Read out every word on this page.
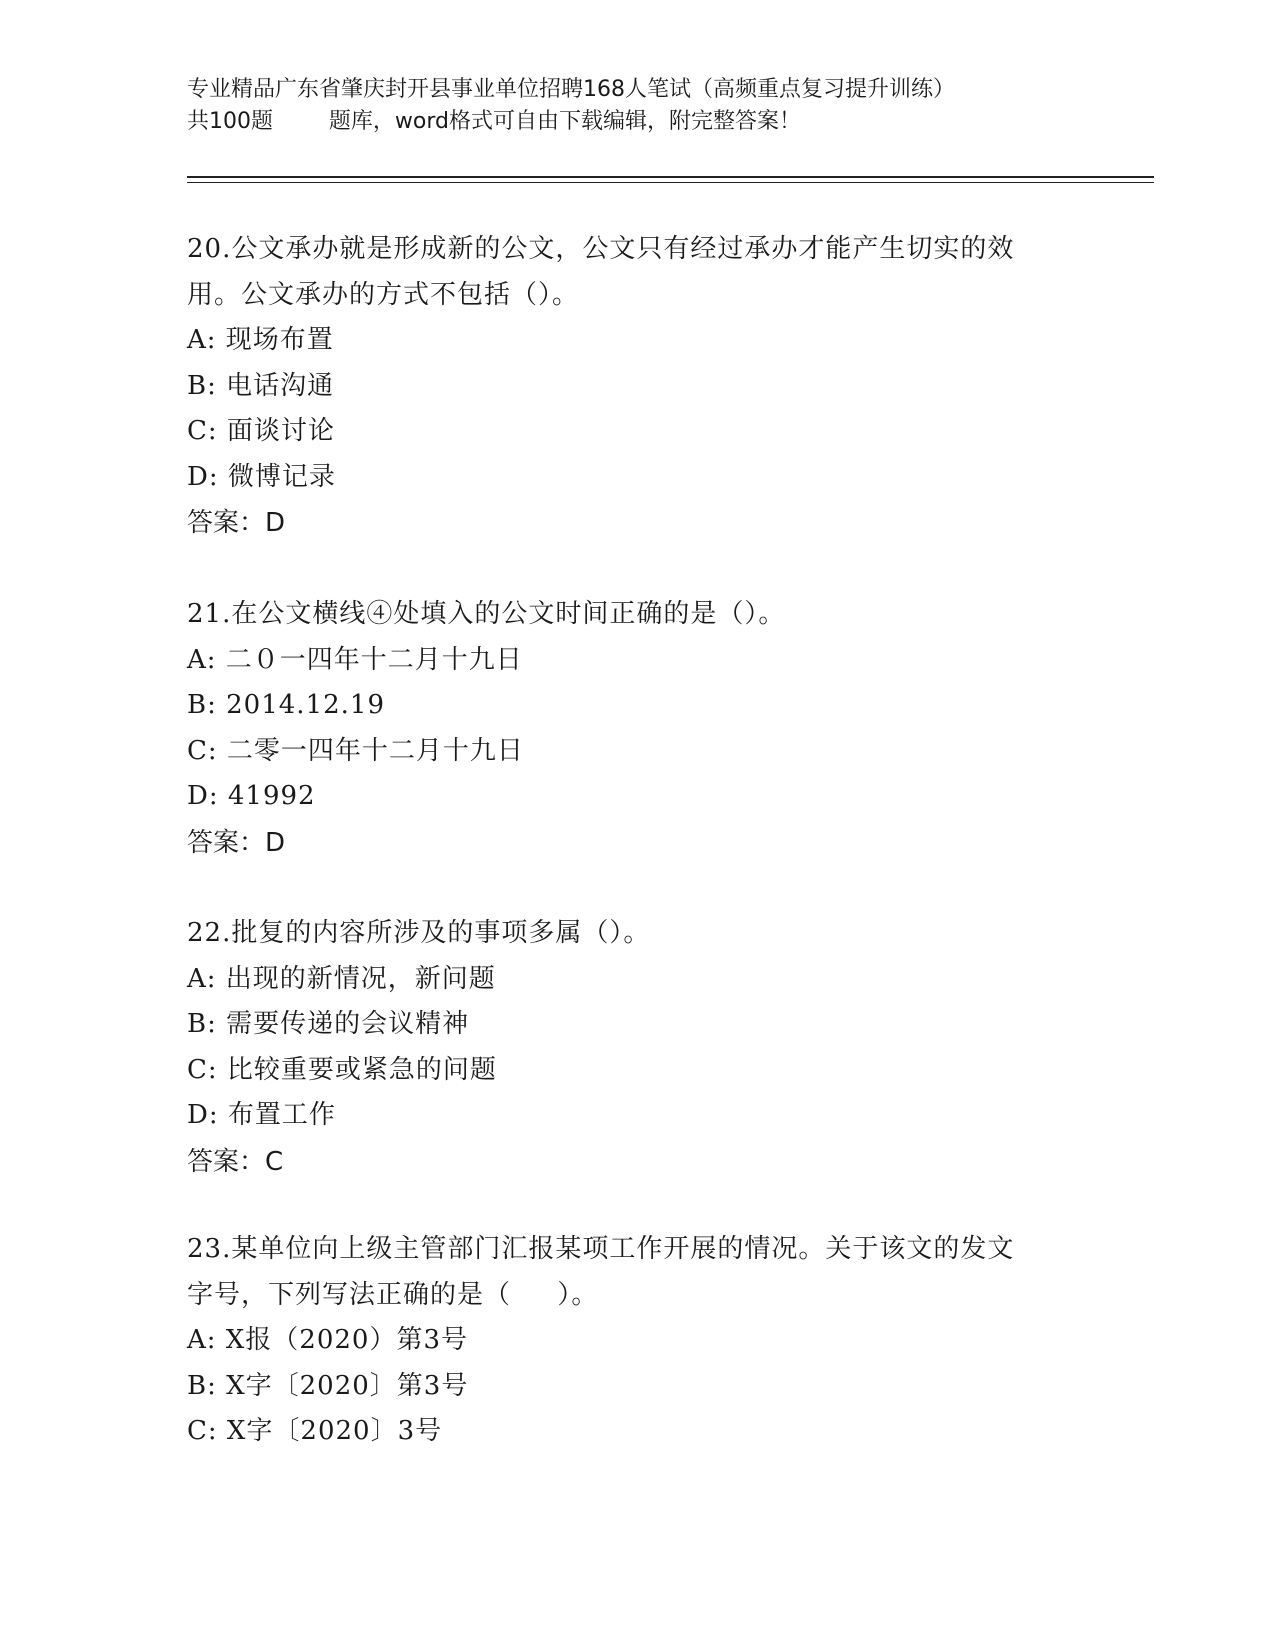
专业精品广东省肇庆封开县事业单位招聘168人笔试（高频重点复习提升训练）
共100题        题库，word格式可自由下载编辑，附完整答案！
20.公文承办就是形成新的公文，公文只有经过承办才能产生切实的效
用。公文承办的方式不包括（）。
A: 现场布置
B: 电话沟通
C: 面谈讨论
D: 微博记录
答案：D
21.在公文横线④处填入的公文时间正确的是（）。
A: 二０一四年十二月十九日
B: 2014.12.19
C: 二零一四年十二月十九日
D: 41992
答案：D
22.批复的内容所涉及的事项多属（）。
A: 出现的新情况，新问题
B: 需要传递的会议精神
C: 比较重要或紧急的问题
D: 布置工作
答案：C
23.某单位向上级主管部门汇报某项工作开展的情况。关于该文的发文
字号，下列写法正确的是（     ）。
A: X报（2020）第3号
B: X字〔2020〕第3号
C: X字〔2020〕3号
